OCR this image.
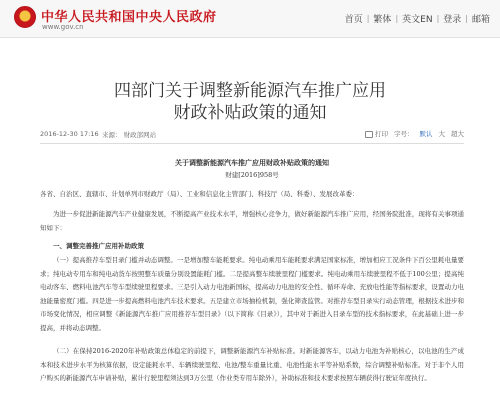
中华人民共和国中央人民政府
www.gov.cn
首页 | 繁体 | 英文EN | 登录 | 邮箱
四部门关于调整新能源汽车推广应用
财政补贴政策的通知
2016-12-30 17:16 来源： 财政部网站	打印 字号： 默认 大 超大
关于调整新能源汽车推广应用财政补贴政策的通知
财建[2016]958号
各省、自治区、直辖市、计划单列市财政厅（局）、工业和信息化主管部门、科技厅（局、科委）、发展改革委：
为进一步促进新能源汽车产业健康发展，不断提高产业技术水平，增强核心竞争力，做好新能源汽车推广应用，经国务院批准，现将有关事项通知如下：
一、调整完善推广应用补助政策
（一）提高推荐车型目录门槛并动态调整。一是增加整车能耗要求。纯电动乘用车能耗要求满足国家标准，增加相应工况条件下百公里耗电量要求；纯电动专用车和纯电动货车按照整车质量分别设置能耗门槛。二是提高整车续驶里程门槛要求。纯电动乘用车续驶里程不低于100公里；提高纯电动客车、燃料电池汽车等车型续驶里程要求。三是引入动力电池新国标，提高动力电池的安全性、循环寿命、充放电性能等指标要求，设置动力电池能量密度门槛。四是进一步提高燃料电池汽车技术要求。五是建立市场抽检机制，强化筛查监管。对推荐车型目录实行动态管理，根据技术进步和市场变化情况，相应调整《新能源汽车推广应用推荐车型目录》（以下简称《目录》），其中对于新进入目录车型的技术指标要求，在此基础上进一步提高，并将动态调整。
（二）在保持2016-2020年补贴政策总体稳定的前提下，调整新能源汽车补贴标准。对新能源客车，以动力电池为补贴核心，以电池的生产成本和技术进步水平为核算依据，设定能耗水平、车辆续驶里程、电池/整车重量比重、电池性能水平等补贴系数，综合调整补贴标准。对于非个人用户购买的新能源汽车申请补贴，累计行驶里程须达到3万公里（作业类专用车除外），补助标准和技术要求按照车辆获得行驶证年度执行。
